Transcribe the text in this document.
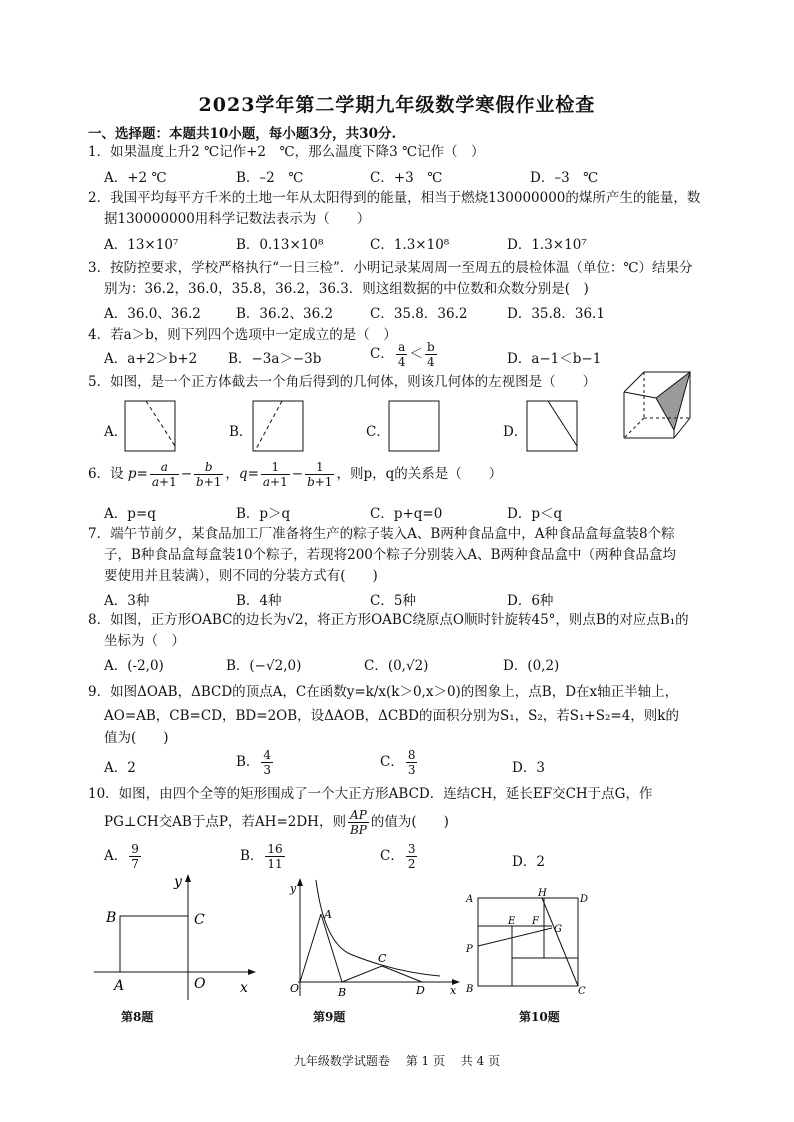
2023学年第二学期九年级数学寒假作业检查
一、选择题：本题共10小题，每小题3分，共30分.
1．如果温度上升2 ℃记作+2　℃，那么温度下降3 ℃记作（　）
A．+2 ℃	B．–2　℃	C．+3　℃	D．–3　℃
2．我国平均每平方千米的土地一年从太阳得到的能量，相当于燃烧130000000的煤所产生的能量，数
据130000000用科学记数法表示为（　　）
A．13×10⁷	B．0.13×10⁸	C．1.3×10⁸	D．1.3×10⁷
3．按防控要求，学校严格执行“一日三检”．小明记录某周周一至周五的晨检体温（单位：℃）结果分
别为：36.2，36.0，35.8，36.2，36.3．则这组数据的中位数和众数分别是(　)
A．36.0、36.2	B．36.2、36.2	C．35.8．36.2	D．35.8．36.1
4．若a＞b，则下列四个选项中一定成立的是（　）
A．a+2＞b+2 B．−3a＞−3b	C． $\frac{a}{4} < \frac{b}{4}$	D．a−1＜b−1
5．如图，是一个正方体截去一个角后得到的几何体，则该几何体的左视图是（　　）
A．	B．	C．	D．
6．设 $p= \frac{a}{a+1} - \frac{b}{b+1}$ ，$q= \frac{1}{a+1} - \frac{1}{b+1}$ ，则p，q的关系是（　　）
A．p=q	B．p＞q	C．p+q=0	D．p＜q
7．端午节前夕，某食品加工厂准备将生产的粽子装入A、B两种食品盒中，A种食品盒每盒装8个粽
子，B种食品盒每盒装10个粽子，若现将200个粽子分别装入A、B两种食品盒中（两种食品盒均
要使用并且装满），则不同的分装方式有(　　)
A．3种	B．4种	C．5种	D．6种
8．如图，正方形OABC的边长为√2，将正方形OABC绕原点O顺时针旋转45°，则点B的对应点B₁的
坐标为（　）
A．(-2,0)	B．(−√2,0)	C．(0,√2)	D．(0,2)
9．如图ΔOAB，ΔBCD的顶点A，C在函数y=k/x(k＞0,x＞0)的图象上，点B，D在x轴正半轴上，
AO=AB，CB=CD，BD=2OB，设ΔAOB，ΔCBD的面积分别为S₁，S₂，若S₁+S₂=4，则k的
值为(　　)
A．2	B． $\frac{4}{3}$	C． $\frac{8}{3}$	D．3
10．如图，由四个全等的矩形围成了一个大正方形ABCD．连结CH，延长EF交CH于点G，作
PG⊥CH交AB于点P，若AH=2DH，则 $\frac{AP}{BP}$ 的值为(　　)
A． $\frac{9}{7}$	B． $\frac{16}{11}$	C． $\frac{3}{2}$	D．2
y
B	C
A	O x
第8题
y
A
C
O	B	D x
第9题
A
H
D
E F
G
P
B	C
第10题
九年级数学试题卷　 第 1 页　 共 4 页
